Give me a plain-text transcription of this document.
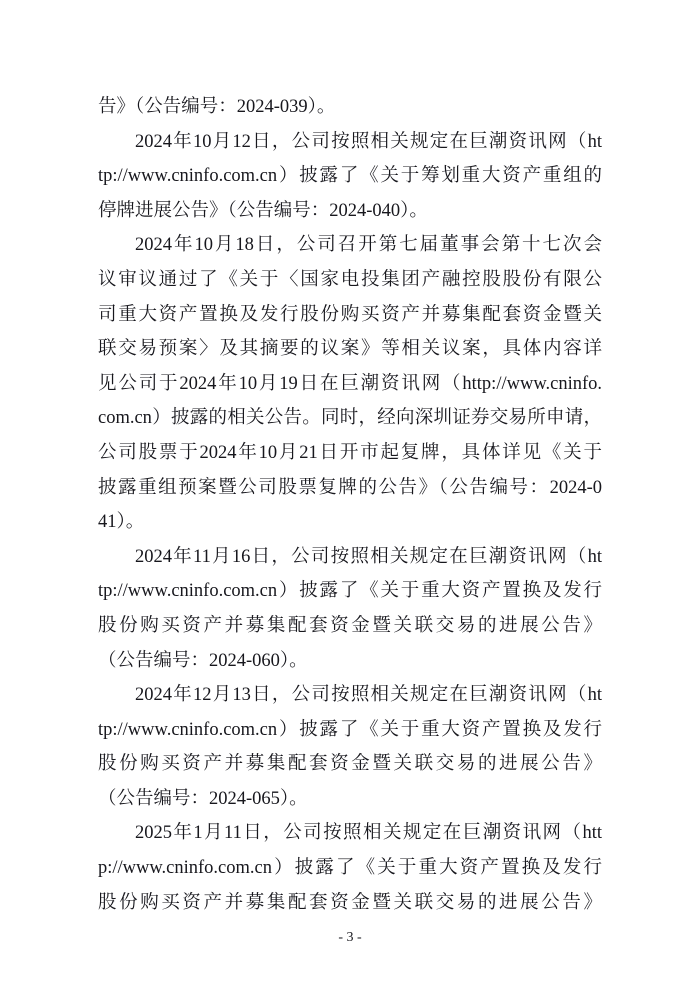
告》（公告编号：2024-039）。
2024年10月12日，公司按照相关规定在巨潮资讯网（ht
tp://www.cninfo.com.cn）披露了《关于筹划重大资产重组的
停牌进展公告》（公告编号：2024-040）。
2024年10月18日，公司召开第七届董事会第十七次会
议审议通过了《关于〈国家电投集团产融控股股份有限公
司重大资产置换及发行股份购买资产并募集配套资金暨关
联交易预案〉及其摘要的议案》等相关议案，具体内容详
见公司于2024年10月19日在巨潮资讯网（http://www.cninfo.
com.cn）披露的相关公告。同时，经向深圳证券交易所申请，
公司股票于2024年10月21日开市起复牌，具体详见《关于
披露重组预案暨公司股票复牌的公告》（公告编号：2024-0
41）。
2024年11月16日，公司按照相关规定在巨潮资讯网（ht
tp://www.cninfo.com.cn）披露了《关于重大资产置换及发行
股份购买资产并募集配套资金暨关联交易的进展公告》
（公告编号：2024-060）。
2024年12月13日，公司按照相关规定在巨潮资讯网（ht
tp://www.cninfo.com.cn）披露了《关于重大资产置换及发行
股份购买资产并募集配套资金暨关联交易的进展公告》
（公告编号：2024-065）。
2025年1月11日，公司按照相关规定在巨潮资讯网（htt
p://www.cninfo.com.cn）披露了《关于重大资产置换及发行
股份购买资产并募集配套资金暨关联交易的进展公告》
- 3 -
